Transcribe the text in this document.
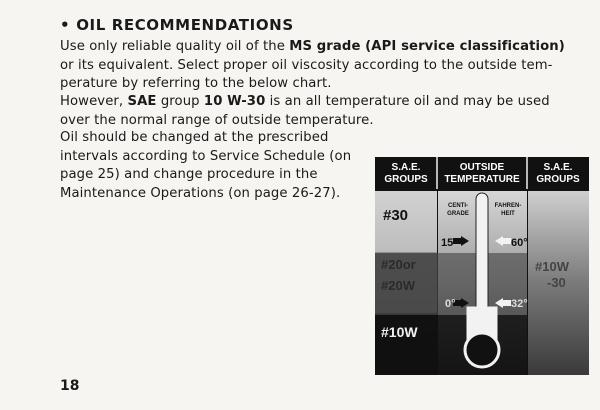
• OIL RECOMMENDATIONS
Use only reliable quality oil of the MS grade (API service classification)
or its equivalent. Select proper oil viscosity according to the outside tem-
perature by referring to the below chart.
However, SAE group 10 W-30 is an all temperature oil and may be used
over the normal range of outside temperature.
Oil should be changed at the prescribed
intervals according to Service Schedule (on
page 25) and change procedure in the
Maintenance Operations (on page 26-27).
S.A.E.
GROUPS
OUTSIDE
TEMPERATURE
S.A.E.
GROUPS
CENTI-
GRADE
FAHREN-
HEIT
#30
#20or
#20W
#10W
#10W
-30
15°
0°
60°
32°
18
